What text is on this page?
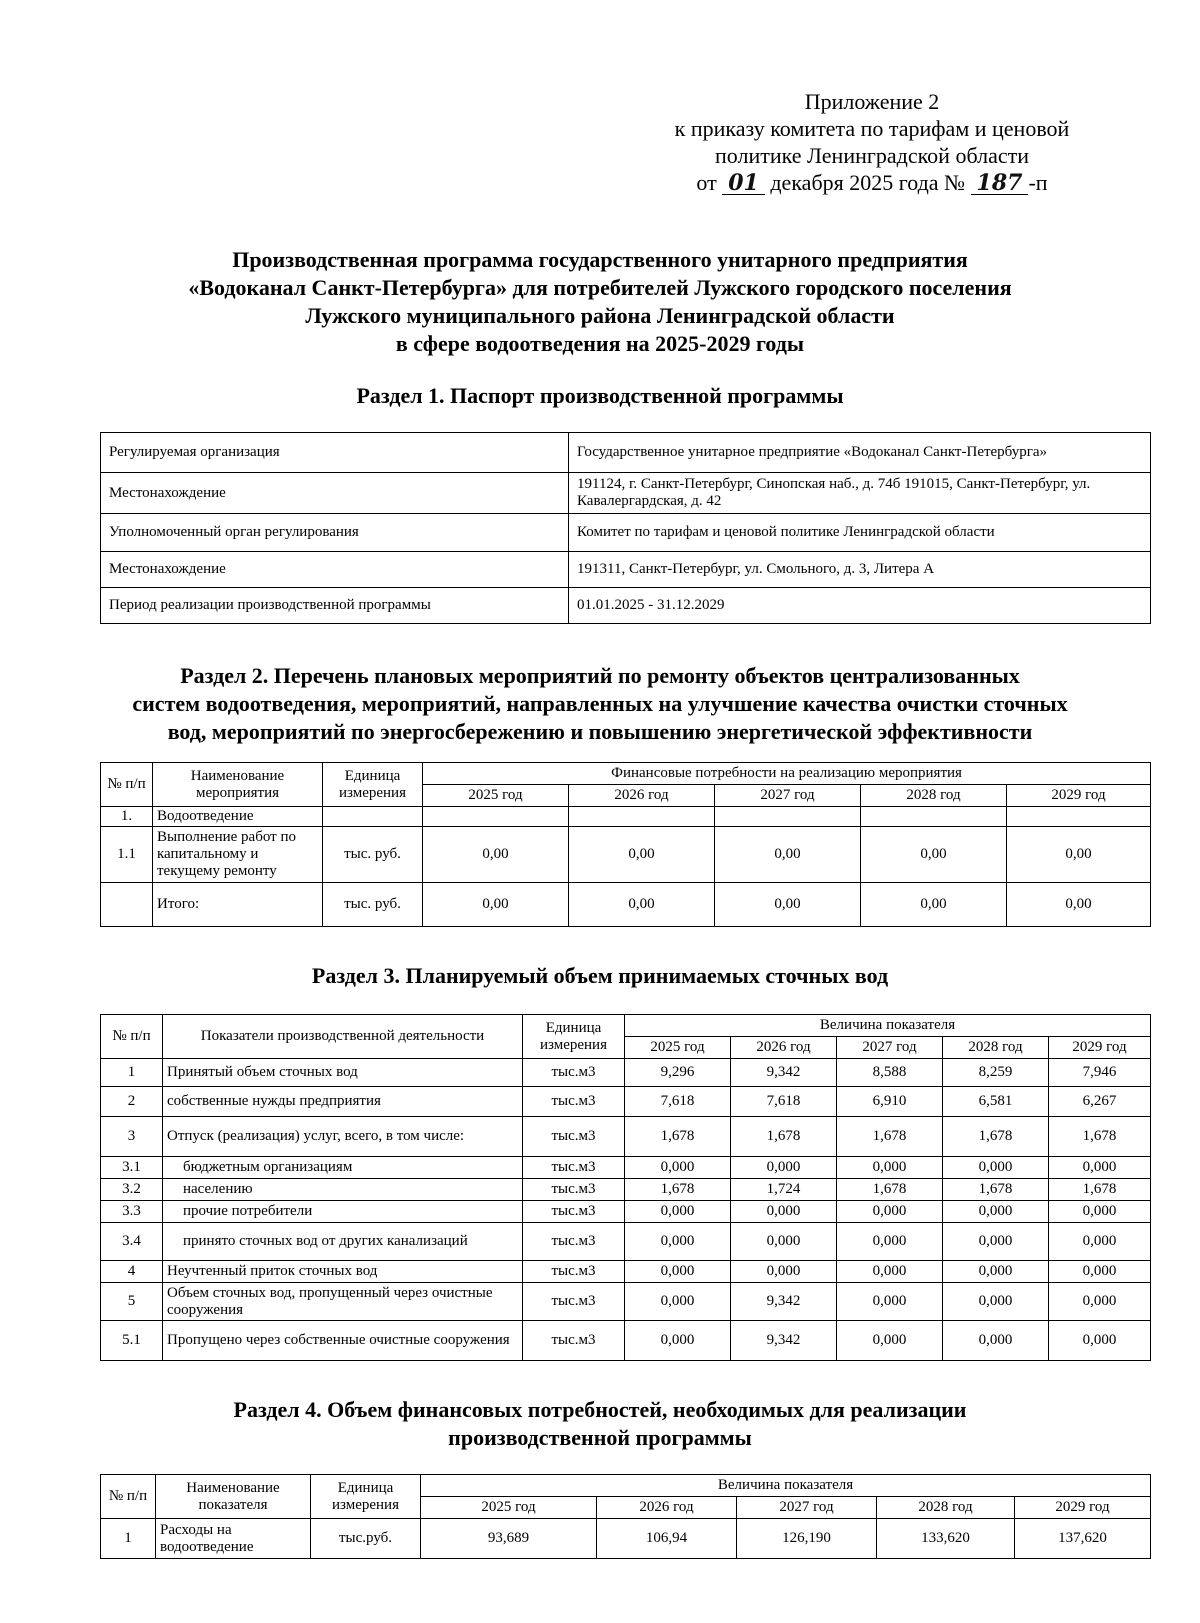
Приложение 2
к приказу комитета по тарифам и ценовой
политике Ленинградской области
от 01 декабря 2025 года № 187 -п
Производственная программа государственного унитарного предприятия
«Водоканал Санкт-Петербурга» для потребителей Лужского городского поселения
Лужского муниципального района Ленинградской области
в сфере водоотведения на 2025-2029 годы
Раздел 1. Паспорт производственной программы
Регулируемая организация	Государственное унитарное предприятие «Водоканал Санкт-Петербурга»
Местонахождение	191124, г. Санкт-Петербург, Синопская наб., д. 74б 191015, Санкт-Петербург, ул. Кавалергардская, д. 42
Уполномоченный орган регулирования	Комитет по тарифам и ценовой политике Ленинградской области
Местонахождение	191311, Санкт-Петербург, ул. Смольного, д. 3, Литера А
Период реализации производственной программы	01.01.2025 - 31.12.2029
Раздел 2. Перечень плановых мероприятий по ремонту объектов централизованных
систем водоотведения, мероприятий, направленных на улучшение качества очистки сточных
вод, мероприятий по энергосбережению и повышению энергетической эффективности
№ п/п	Наименование мероприятия	Единица измерения	Финансовые потребности на реализацию мероприятия				
			2025 год	2026 год	2027 год	2028 год	2029 год
1.	Водоотведение						
1.1	Выполнение работ по капитальному и текущему ремонту	тыс. руб.	0,00	0,00	0,00	0,00	0,00
	Итого:	тыс. руб.	0,00	0,00	0,00	0,00	0,00
Раздел 3. Планируемый объем принимаемых сточных вод
№ п/п	Показатели производственной деятельности	Единица измерения	Величина показателя				
			2025 год	2026 год	2027 год	2028 год	2029 год
1	Принятый объем сточных вод	тыс.м3	9,296	9,342	8,588	8,259	7,946
2	собственные нужды предприятия	тыс.м3	7,618	7,618	6,910	6,581	6,267
3	Отпуск (реализация) услуг, всего, в том числе:	тыс.м3	1,678	1,678	1,678	1,678	1,678
3.1	бюджетным организациям	тыс.м3	0,000	0,000	0,000	0,000	0,000
3.2	населению	тыс.м3	1,678	1,724	1,678	1,678	1,678
3.3	прочие потребители	тыс.м3	0,000	0,000	0,000	0,000	0,000
3.4	принято сточных вод от других канализаций	тыс.м3	0,000	0,000	0,000	0,000	0,000
4	Неучтенный приток сточных вод	тыс.м3	0,000	0,000	0,000	0,000	0,000
5	Объем сточных вод, пропущенный через очистные сооружения	тыс.м3	0,000	9,342	0,000	0,000	0,000
5.1	Пропущено через собственные очистные сооружения	тыс.м3	0,000	9,342	0,000	0,000	0,000
Раздел 4. Объем финансовых потребностей, необходимых для реализации
производственной программы
№ п/п	Наименование показателя	Единица измерения	Величина показателя				
			2025 год	2026 год	2027 год	2028 год	2029 год
1	Расходы на водоотведение	тыс.руб.	93,689	106,94	126,190	133,620	137,620
